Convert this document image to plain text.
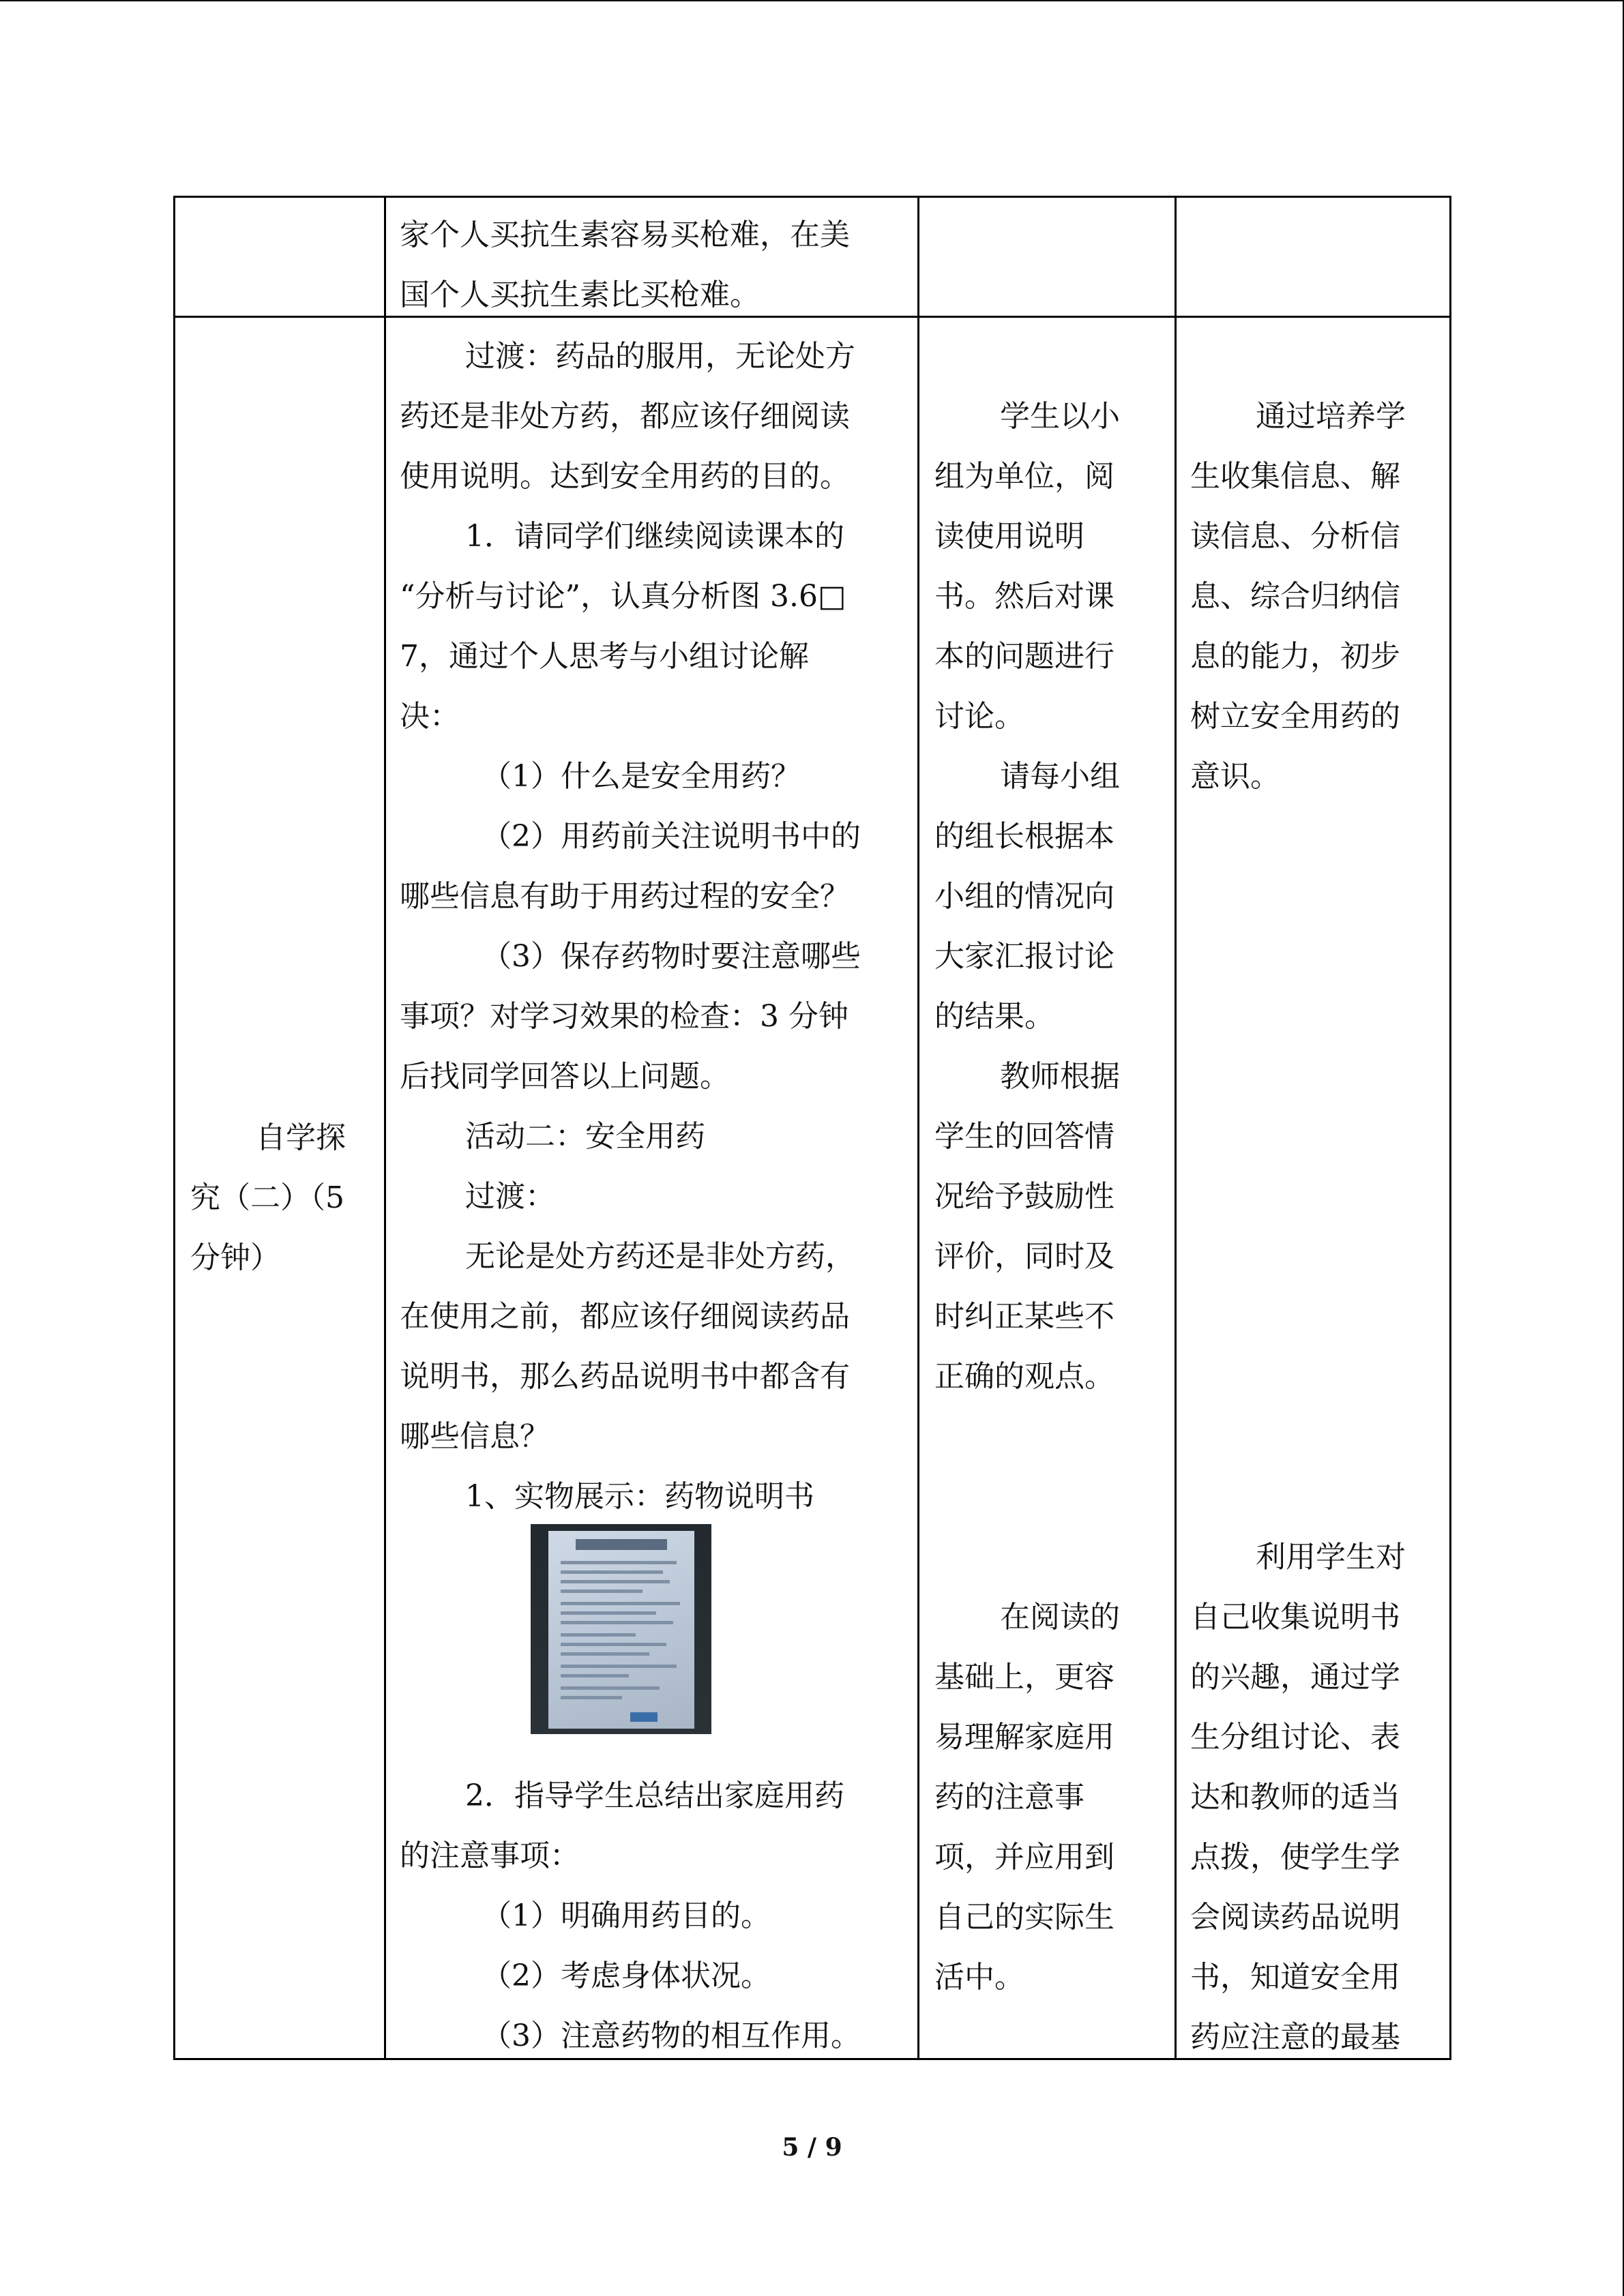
家个人买抗生素容易买枪难，在美

国个人买抗生素比买枪难。

自学探

究（二）（5

分钟）

过渡：药品的服用，无论处方

药还是非处方药，都应该仔细阅读

使用说明。达到安全用药的目的。

1．请同学们继续阅读课本的

“分析与讨论”，认真分析图 3.6□

7，通过个人思考与小组讨论解

决：

（1）什么是安全用药？

（2）用药前关注说明书中的

哪些信息有助于用药过程的安全？

（3）保存药物时要注意哪些

事项？对学习效果的检查：3 分钟

后找同学回答以上问题。

活动二：安全用药

过渡：

无论是处方药还是非处方药，

在使用之前，都应该仔细阅读药品

说明书，那么药品说明书中都含有

哪些信息？

1、实物展示：药物说明书

2．指导学生总结出家庭用药

的注意事项：

（1）明确用药目的。

（2）考虑身体状况。

（3）注意药物的相互作用。

学生以小

组为单位，阅

读使用说明

书。然后对课

本的问题进行

讨论。

请每小组

的组长根据本

小组的情况向

大家汇报讨论

的结果。

教师根据

学生的回答情

况给予鼓励性

评价，同时及

时纠正某些不

正确的观点。

在阅读的

基础上，更容

易理解家庭用

药的注意事

项，并应用到

自己的实际生

活中。

通过培养学

生收集信息、解

读信息、分析信

息、综合归纳信

息的能力，初步

树立安全用药的

意识。

利用学生对

自己收集说明书

的兴趣，通过学

生分组讨论、表

达和教师的适当

点拨，使学生学

会阅读药品说明

书，知道安全用

药应注意的最基

5 / 9
